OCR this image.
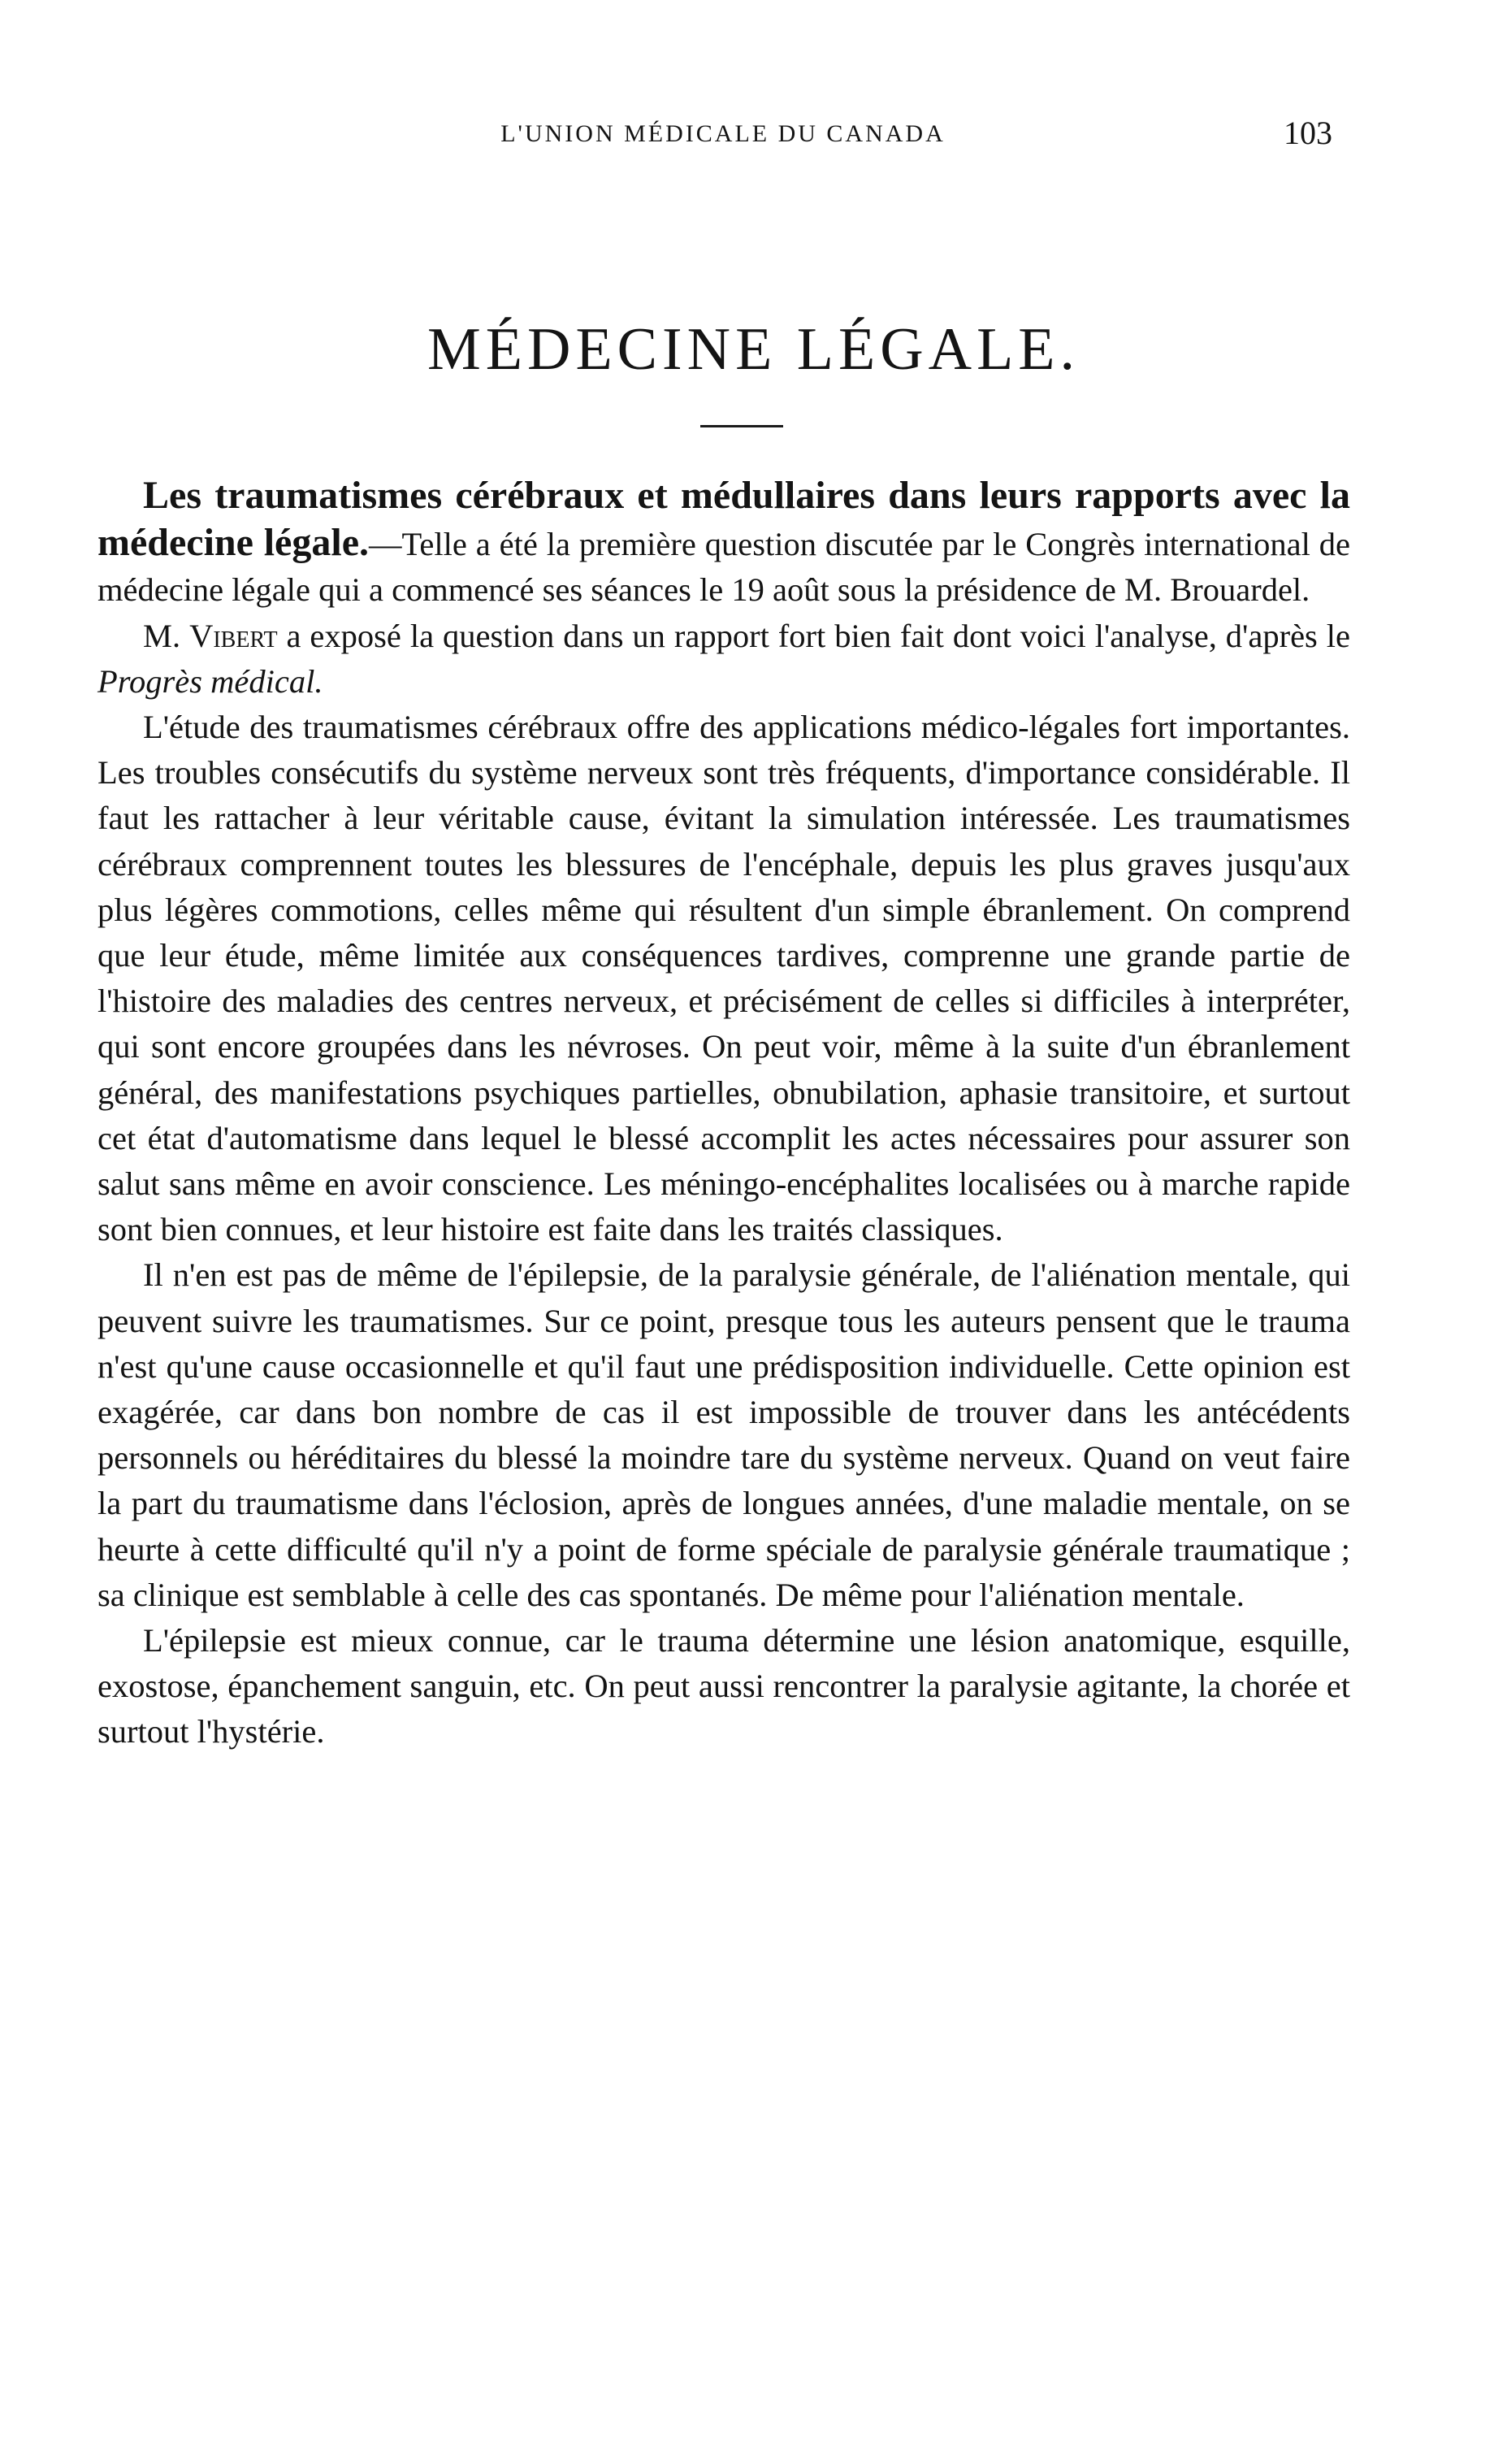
L'UNION MÉDICALE DU CANADA	103
MÉDECINE LÉGALE.

Les traumatismes cérébraux et médullaires dans leurs rapports avec la médecine légale.—Telle a été la première question discutée par le Congrès international de médecine légale qui a commencé ses séances le 19 août sous la présidence de M. Brouardel.

M. Vibert a exposé la question dans un rapport fort bien fait dont voici l'analyse, d'après le Progrès médical.

L'étude des traumatismes cérébraux offre des applications médico-légales fort importantes. Les troubles consécutifs du système nerveux sont très fréquents, d'importance considérable. Il faut les rattacher à leur véritable cause, évitant la simulation intéressée. Les traumatismes cérébraux comprennent toutes les blessures de l'encéphale, depuis les plus graves jusqu'aux plus légères commotions, celles même qui résultent d'un simple ébranlement. On comprend que leur étude, même limitée aux conséquences tardives, comprenne une grande partie de l'histoire des maladies des centres nerveux, et précisément de celles si difficiles à interpréter, qui sont encore groupées dans les névroses. On peut voir, même à la suite d'un ébranlement général, des manifestations psychiques partielles, obnubilation, aphasie transitoire, et surtout cet état d'automatisme dans lequel le blessé accomplit les actes nécessaires pour assurer son salut sans même en avoir conscience. Les méningo-encéphalites localisées ou à marche rapide sont bien connues, et leur histoire est faite dans les traités classiques.

Il n'en est pas de même de l'épilepsie, de la paralysie générale, de l'aliénation mentale, qui peuvent suivre les traumatismes. Sur ce point, presque tous les auteurs pensent que le trauma n'est qu'une cause occasionnelle et qu'il faut une prédisposition individuelle. Cette opinion est exagérée, car dans bon nombre de cas il est impossible de trouver dans les antécédents personnels ou héréditaires du blessé la moindre tare du système nerveux. Quand on veut faire la part du traumatisme dans l'éclosion, après de longues années, d'une maladie mentale, on se heurte à cette difficulté qu'il n'y a point de forme spéciale de paralysie générale traumatique ; sa clinique est semblable à celle des cas spontanés. De même pour l'aliénation mentale.

L'épilepsie est mieux connue, car le trauma détermine une lésion anatomique, esquille, exostose, épanchement sanguin, etc. On peut aussi rencontrer la paralysie agitante, la chorée et surtout l'hystérie.
